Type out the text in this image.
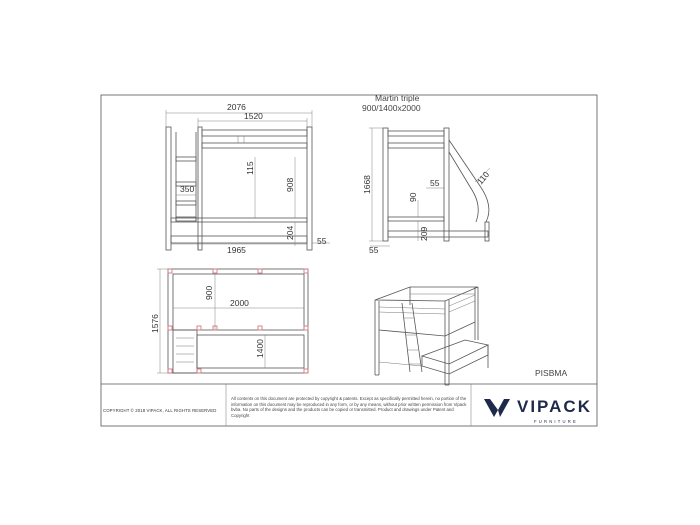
2076
1520
1965
350
115
908
204
55
Martin triple
900/1400x2000
1668	55	110
90
209
55
1576
900
2000
1400
PISBMA
COPYRIGHT © 2018 VIPACK, ALL RIGHTS RESERVED
All contents on this document are protected by copyright & patents. Except as specifically permitted herein, no portion of the information on this document may be reproduced in any form, or by any means, without prior written permission from Vipack bvba. No parts of the designs and the products can be copied or transmitted. Product and drawings under Patent and Copyright	VIPACK
FURNITURE
